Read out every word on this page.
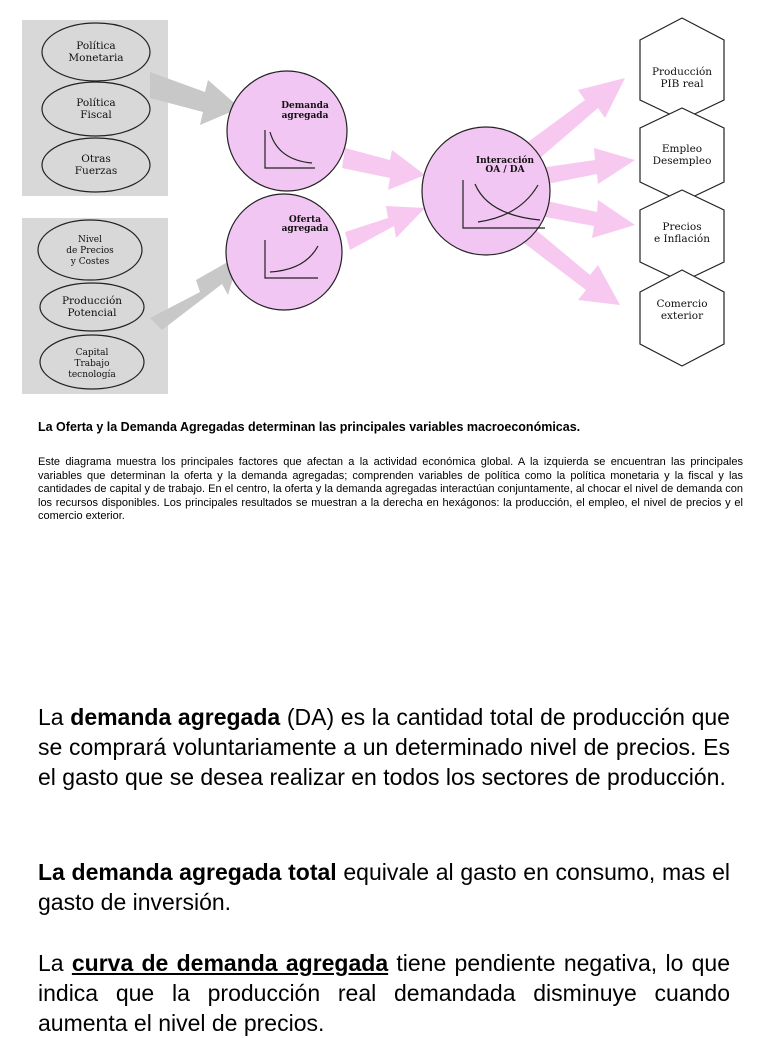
Política
Monetaria
Política
Fiscal
Otras
Fuerzas
Nivel
de Precios
y Costes
Producción
Potencial
Capital
Trabajo
tecnología
Demanda
agregada
Oferta
agregada
Interacción
OA / DA
Producción
PIB real
Empleo
Desempleo
Precios
e Inflación
Comercio
exterior

La Oferta y la Demanda Agregadas determinan las principales variables macroeconómicas.

Este diagrama muestra los principales factores que afectan a la actividad económica global. A la izquierda se encuentran las principales variables que determinan la oferta y la demanda agregadas; comprenden variables de política como la política monetaria y la fiscal y las cantidades de capital y de trabajo. En el centro, la oferta y la demanda agregadas interactúan conjuntamente, al chocar el nivel de demanda con los recursos disponibles. Los principales resultados se muestran a la derecha en hexágonos: la producción, el empleo, el nivel de precios y el comercio exterior.

La demanda agregada (DA) es la cantidad total de producción que se comprará voluntariamente a un determinado nivel de precios. Es el gasto que se desea realizar en todos los sectores de producción.

La demanda agregada total equivale al gasto en consumo, mas el gasto de inversión.

La curva de demanda agregada tiene pendiente negativa, lo que indica que la producción real demandada disminuye cuando aumenta el nivel de precios.
